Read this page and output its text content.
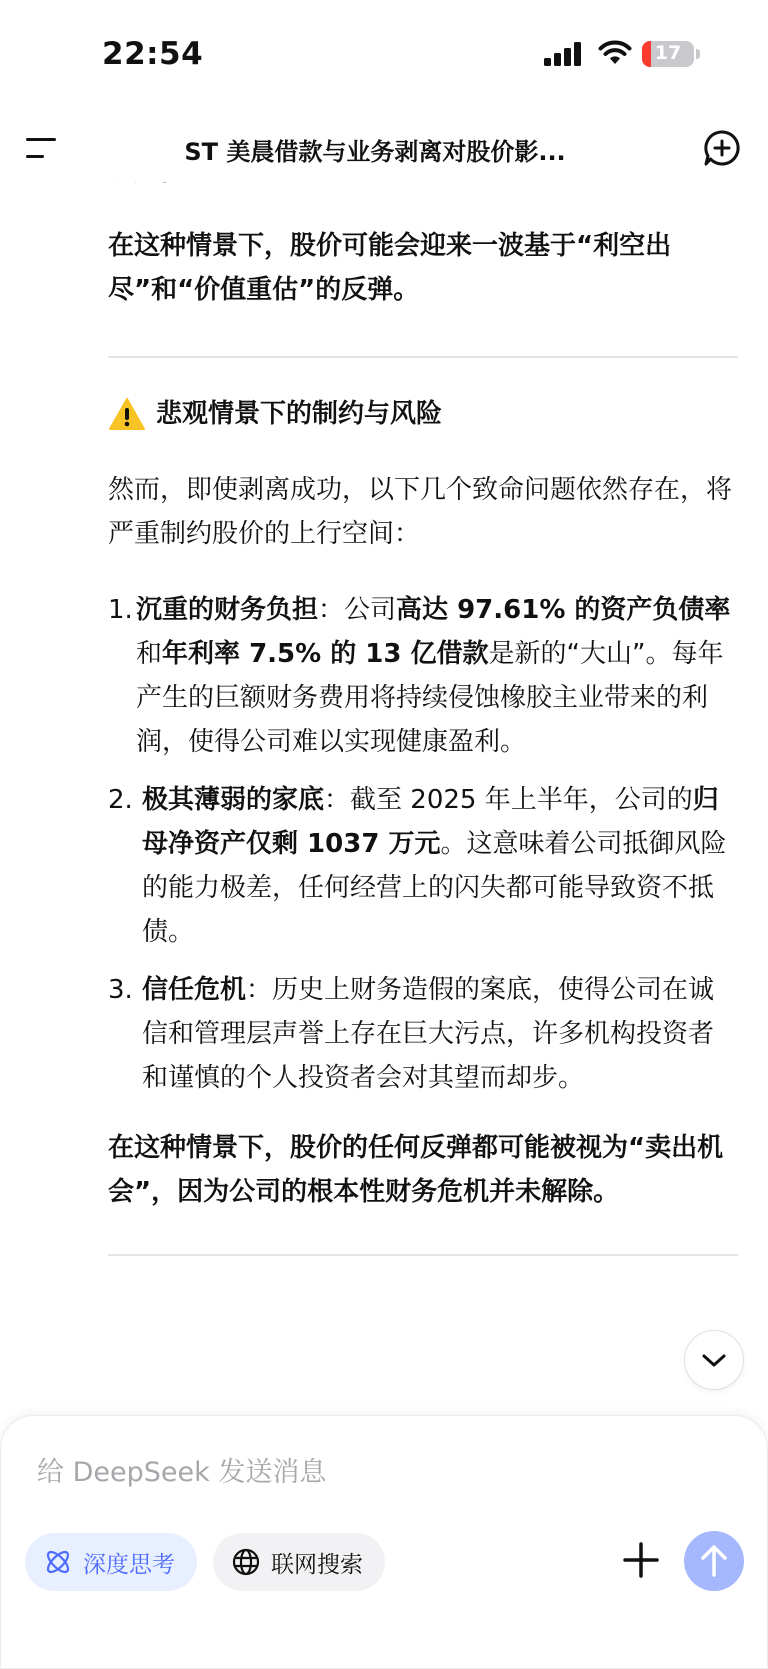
22:54	17
ST 美晨借款与业务剥离对股价影...

在这种情景下，股价可能会迎来一波基于“利空出尽”和“价值重估”的反弹。

悲观情景下的制约与风险

然而，即使剥离成功，以下几个致命问题依然存在，将严重制约股价的上行空间：

1. 沉重的财务负担：公司高达 97.61% 的资产负债率和年利率 7.5% 的 13 亿借款是新的“大山”。每年产生的巨额财务费用将持续侵蚀橡胶主业带来的利润，使得公司难以实现健康盈利。
2. 极其薄弱的家底：截至 2025 年上半年，公司的归母净资产仅剩 1037 万元。这意味着公司抵御风险的能力极差，任何经营上的闪失都可能导致资不抵债。
3. 信任危机：历史上财务造假的案底，使得公司在诚信和管理层声誉上存在巨大污点，许多机构投资者和谨慎的个人投资者会对其望而却步。

在这种情景下，股价的任何反弹都可能被视为“卖出机会”，因为公司的根本性财务危机并未解除。

给 DeepSeek 发送消息
深度思考	联网搜索
